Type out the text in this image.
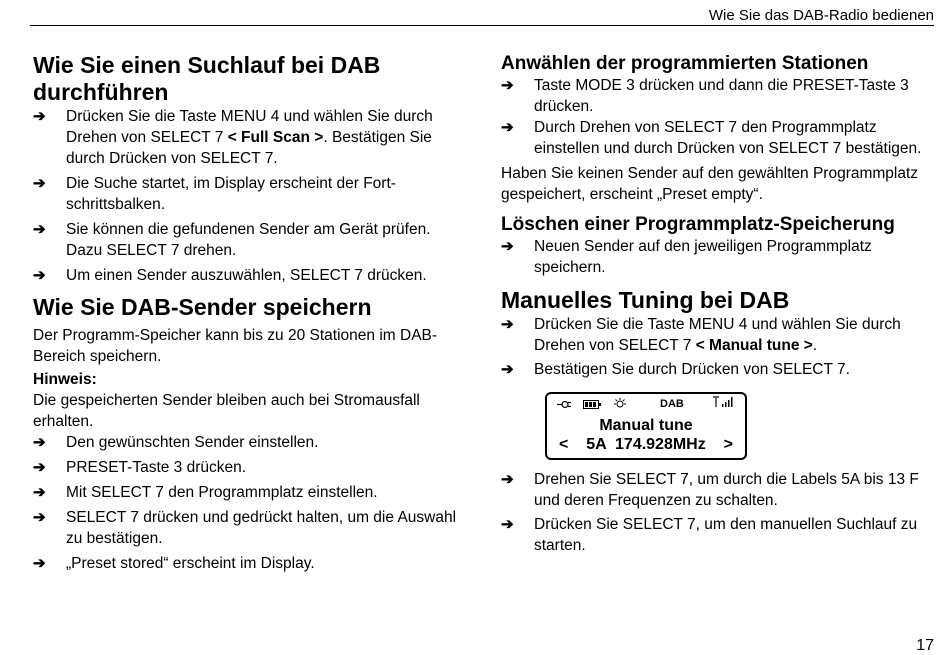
Wie Sie das DAB-Radio bedienen
Wie Sie einen Suchlauf bei DAB durchführen
➔ Drücken Sie die Taste MENU 4 und wählen Sie durch Drehen von SELECT 7 < Full Scan >. Bestätigen Sie durch Drücken von SELECT 7.
➔ Die Suche startet, im Display erscheint der Fortschrittsbalken.
➔ Sie können die gefundenen Sender am Gerät prüfen. Dazu SELECT 7 drehen.
➔ Um einen Sender auszuwählen, SELECT 7 drücken.
Wie Sie DAB-Sender speichern

Der Programm-Speicher kann bis zu 20 Stationen im DAB-Bereich speichern.

Hinweis:

Die gespeicherten Sender bleiben auch bei Stromausfall erhalten.

➔ Den gewünschten Sender einstellen.
➔ PRESET-Taste 3 drücken.
➔ Mit SELECT 7 den Programmplatz einstellen.
➔ SELECT 7 drücken und gedrückt halten, um die Auswahl zu bestätigen.
➔ „Preset stored“ erscheint im Display.
Anwählen der programmierten Stationen
➔ Taste MODE 3 drücken und dann die PRESET-Taste 3 drücken.
➔ Durch Drehen von SELECT 7 den Programmplatz einstellen und durch Drücken von SELECT 7 bestätigen.

Haben Sie keinen Sender auf den gewählten Programmplatz gespeichert, erscheint „Preset empty“.

Löschen einer Programmplatz-Speicherung
➔ Neuen Sender auf den jeweiligen Programmplatz speichern.
Manuelles Tuning bei DAB
➔ Drücken Sie die Taste MENU 4 und wählen Sie durch Drehen von SELECT 7 < Manual tune >.
➔ Bestätigen Sie durch Drücken von SELECT 7.

DAB
Manual tune
< 5A  174.928MHz >
➔ Drehen Sie SELECT 7, um durch die Labels 5A bis 13 F und deren Frequenzen zu schalten.
➔ Drücken Sie SELECT 7, um den manuellen Suchlauf zu starten.
17
